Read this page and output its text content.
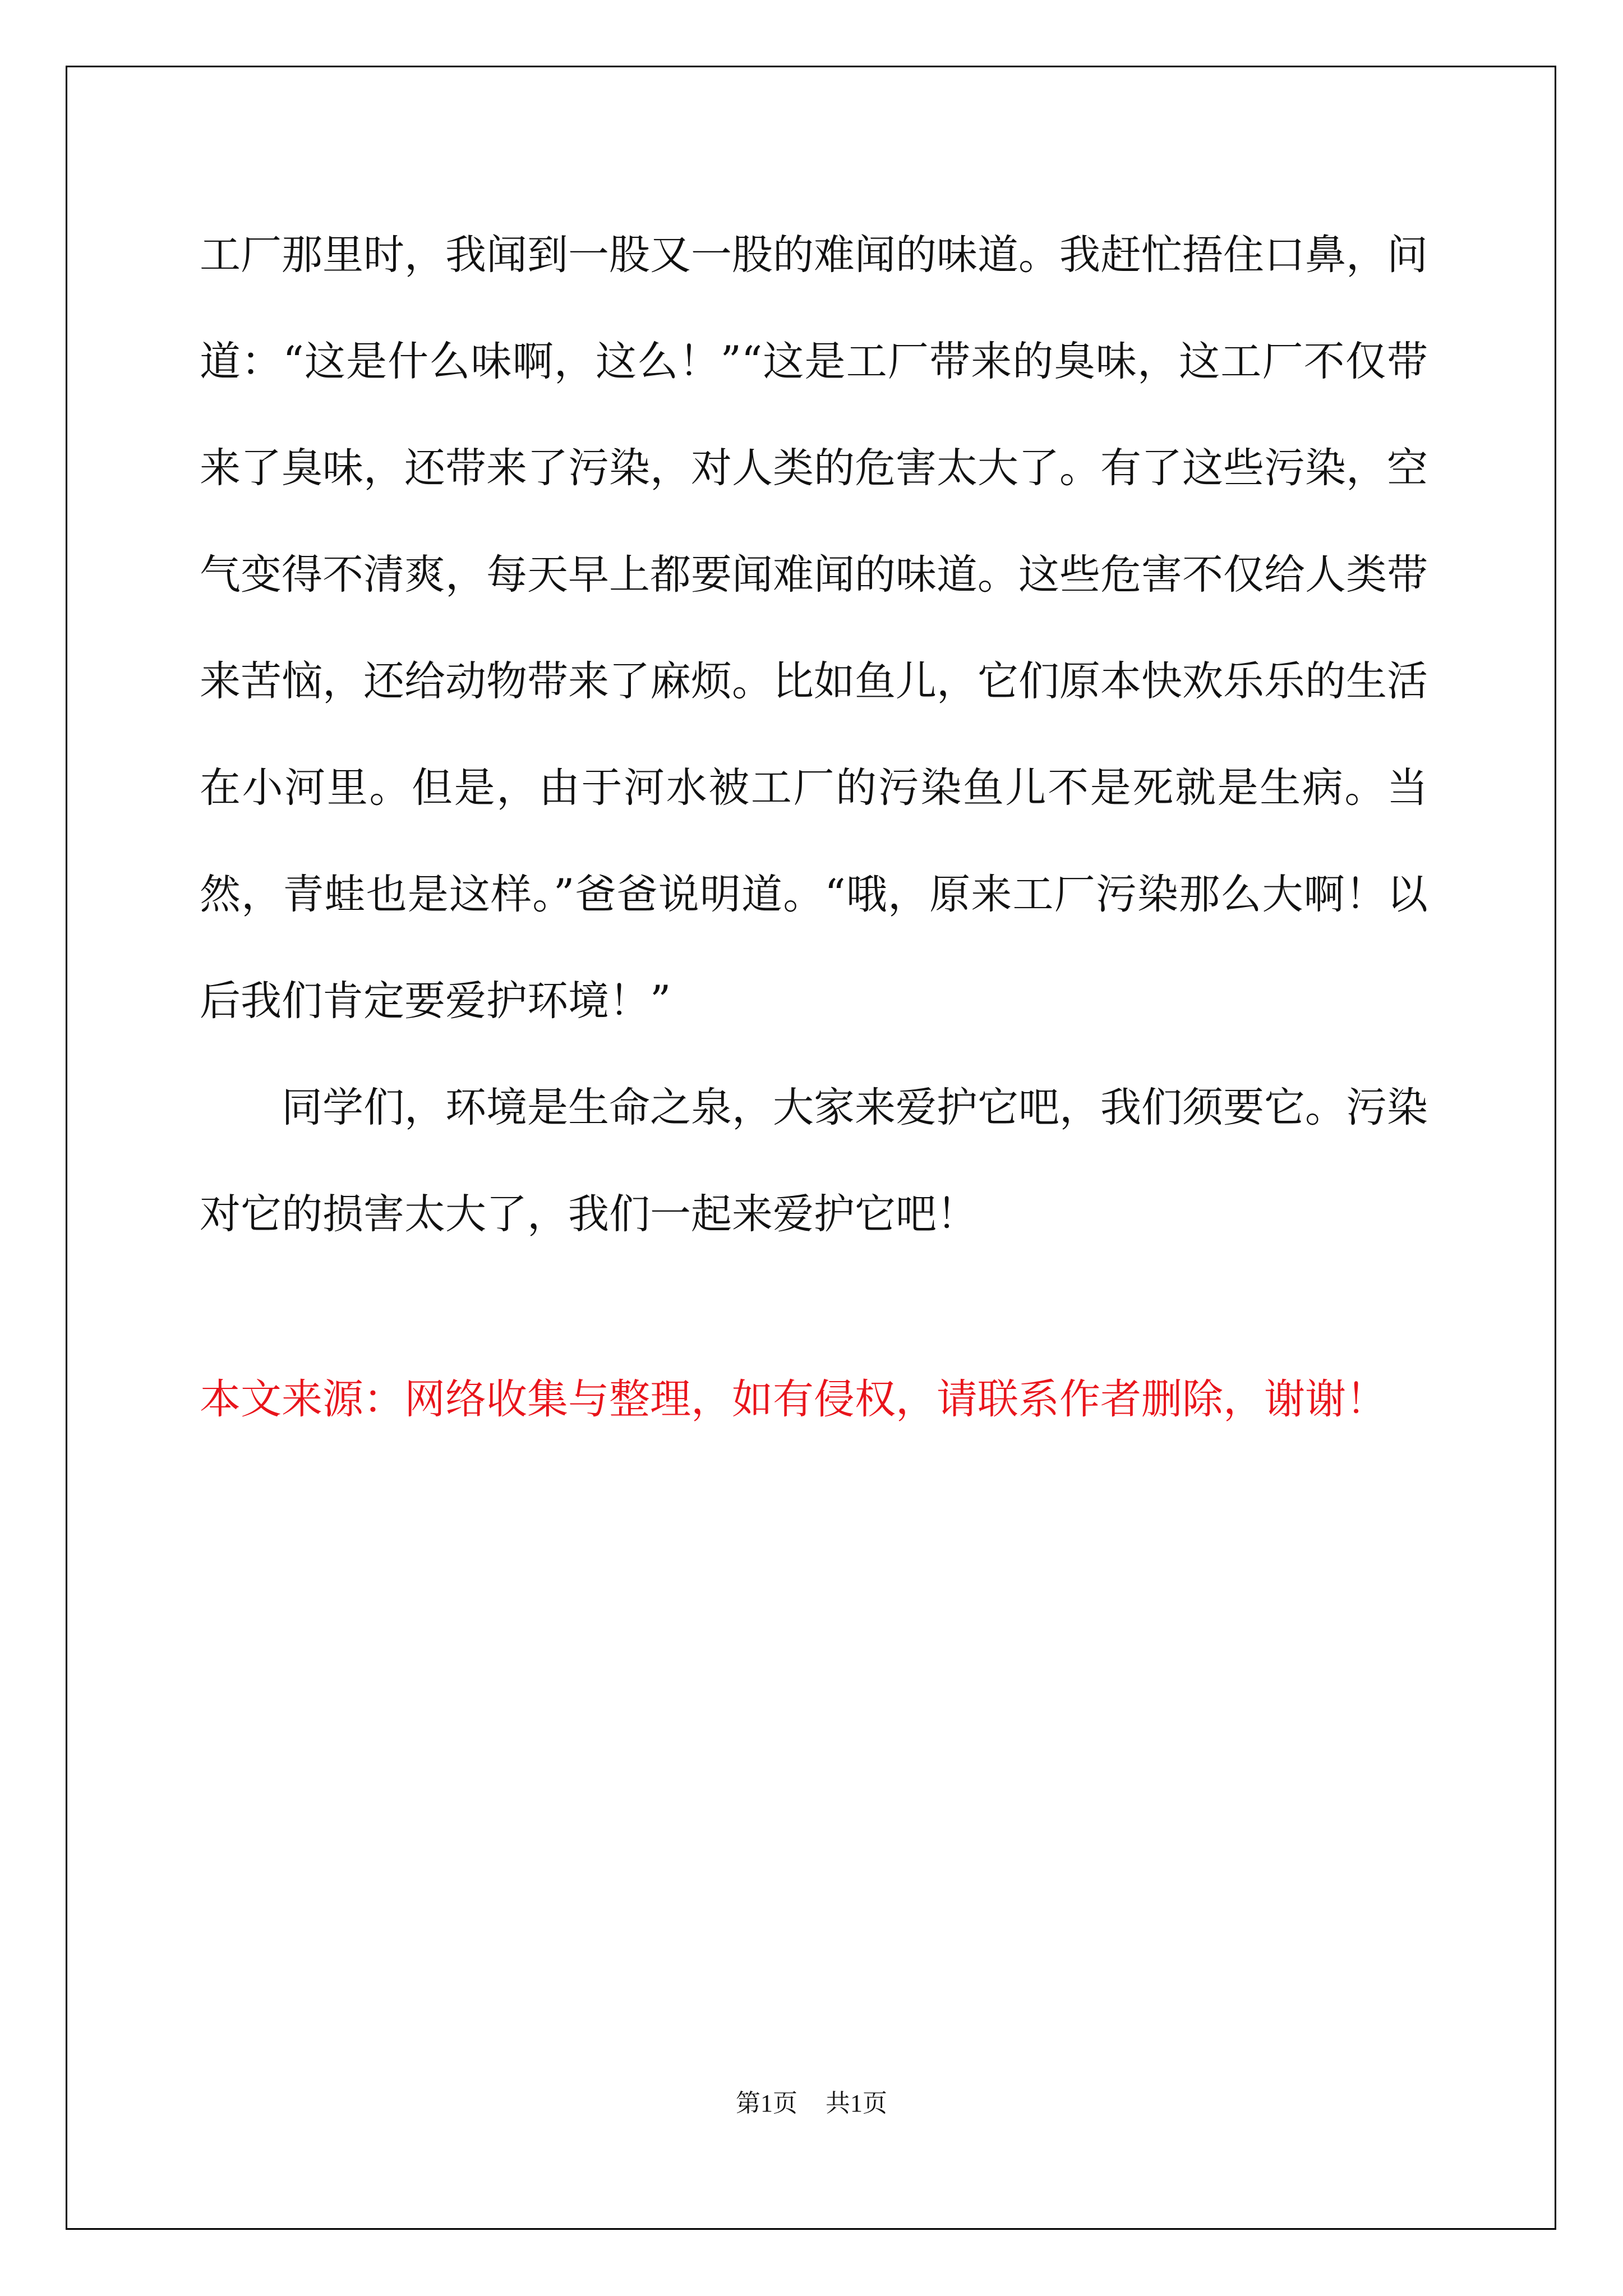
工厂那里时，我闻到一股又一股的难闻的味道。我赶忙捂住口鼻，问道：“这是什么味啊，这么！”“这是工厂带来的臭味，这工厂不仅带来了臭味，还带来了污染，对人类的危害太大了。有了这些污染，空气变得不清爽，每天早上都要闻难闻的味道。这些危害不仅给人类带来苦恼，还给动物带来了麻烦。比如鱼儿，它们原本快欢乐乐的生活在小河里。但是，由于河水被工厂的污染鱼儿不是死就是生病。当然，青蛙也是这样。”爸爸说明道。“哦，原来工厂污染那么大啊！以后我们肯定要爱护环境！”

同学们，环境是生命之泉，大家来爱护它吧，我们须要它。污染对它的损害太大了，我们一起来爱护它吧！

本文来源：网络收集与整理，如有侵权，请联系作者删除，谢谢！

第1页 共1页
